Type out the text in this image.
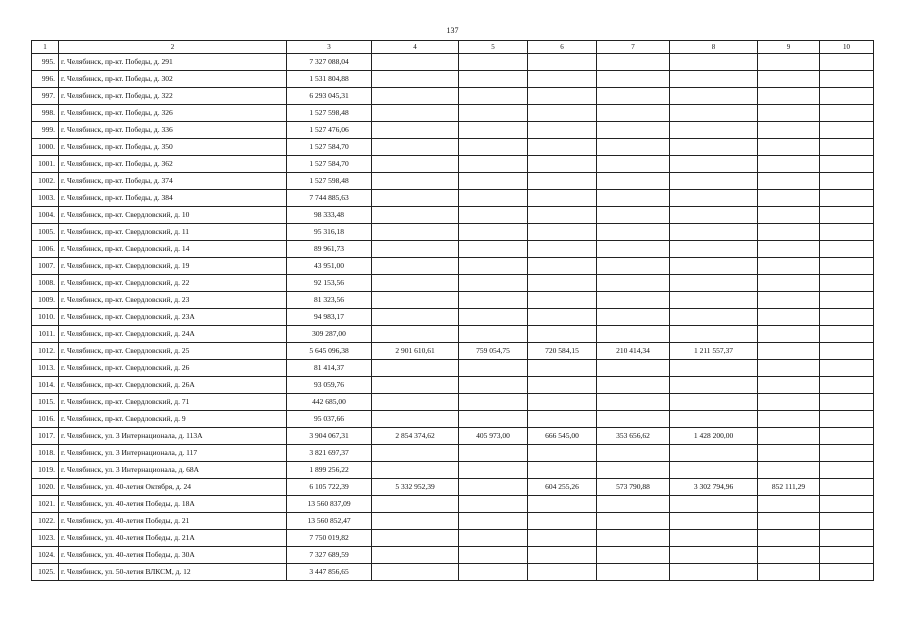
137
1	2	3	4	5	6	7	8	9	10
995.	г. Челябинск, пр-кт. Победы, д. 291	7 327 088,04							
996.	г. Челябинск, пр-кт. Победы, д. 302	1 531 804,88							
997.	г. Челябинск, пр-кт. Победы, д. 322	6 293 045,31							
998.	г. Челябинск, пр-кт. Победы, д. 326	1 527 598,48							
999.	г. Челябинск, пр-кт. Победы, д. 336	1 527 476,06							
1000.	г. Челябинск, пр-кт. Победы, д. 350	1 527 584,70							
1001.	г. Челябинск, пр-кт. Победы, д. 362	1 527 584,70							
1002.	г. Челябинск, пр-кт. Победы, д. 374	1 527 598,48							
1003.	г. Челябинск, пр-кт. Победы, д. 384	7 744 885,63							
1004.	г. Челябинск, пр-кт. Свердловский, д. 10	98 333,48							
1005.	г. Челябинск, пр-кт. Свердловский, д. 11	95 316,18							
1006.	г. Челябинск, пр-кт. Свердловский, д. 14	89 961,73							
1007.	г. Челябинск, пр-кт. Свердловский, д. 19	43 951,00							
1008.	г. Челябинск, пр-кт. Свердловский, д. 22	92 153,56							
1009.	г. Челябинск, пр-кт. Свердловский, д. 23	81 323,56							
1010.	г. Челябинск, пр-кт. Свердловский, д. 23А	94 983,17							
1011.	г. Челябинск, пр-кт. Свердловский, д. 24А	309 287,00							
1012.	г. Челябинск, пр-кт. Свердловский, д. 25	5 645 096,38	2 901 610,61	759 054,75	720 584,15	210 414,34	1 211 557,37		
1013.	г. Челябинск, пр-кт. Свердловский, д. 26	81 414,37							
1014.	г. Челябинск, пр-кт. Свердловский, д. 26А	93 059,76							
1015.	г. Челябинск, пр-кт. Свердловский, д. 71	442 685,00							
1016.	г. Челябинск, пр-кт. Свердловский, д. 9	95 037,66							
1017.	г. Челябинск, ул. 3 Интернационала, д. 113А	3 904 067,31	2 854 374,62	405 973,00	666 545,00	353 656,62	1 428 200,00		
1018.	г. Челябинск, ул. 3 Интернационала, д. 117	3 821 697,37							
1019.	г. Челябинск, ул. 3 Интернационала, д. 68А	1 899 256,22							
1020.	г. Челябинск, ул. 40-летия Октября, д. 24	6 105 722,39	5 332 952,39		604 255,26	573 790,88	3 302 794,96	852 111,29	
1021.	г. Челябинск, ул. 40-летия Победы, д. 18А	13 560 837,09							
1022.	г. Челябинск, ул. 40-летия Победы, д. 21	13 560 852,47							
1023.	г. Челябинск, ул. 40-летия Победы, д. 21А	7 750 019,82							
1024.	г. Челябинск, ул. 40-летия Победы, д. 30А	7 327 689,59							
1025.	г. Челябинск, ул. 50-летия ВЛКСМ, д. 12	3 447 856,65							
